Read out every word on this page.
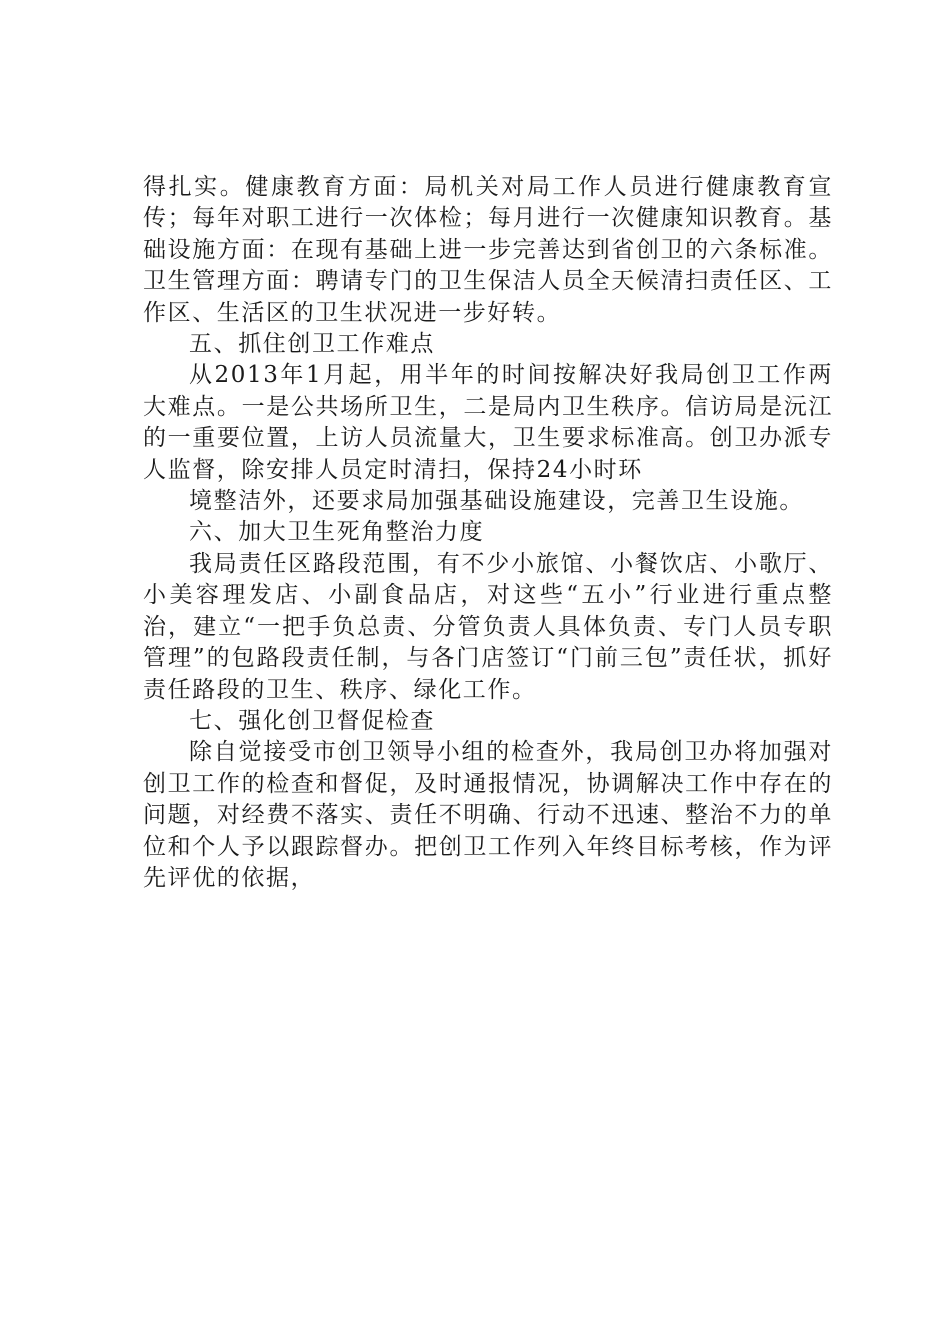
得扎实。健康教育方面：局机关对局工作人员进行健康教育宣传；每年对职工进行一次体检；每月进行一次健康知识教育。基础设施方面：在现有基础上进一步完善达到省创卫的六条标准。卫生管理方面：聘请专门的卫生保洁人员全天候清扫责任区、工作区、生活区的卫生状况进一步好转。

五、抓住创卫工作难点

从2013年1月起，用半年的时间按解决好我局创卫工作两大难点。一是公共场所卫生，二是局内卫生秩序。信访局是沅江的一重要位置，上访人员流量大，卫生要求标准高。创卫办派专人监督，除安排人员定时清扫，保持24小时环

境整洁外，还要求局加强基础设施建设，完善卫生设施。

六、加大卫生死角整治力度

我局责任区路段范围，有不少小旅馆、小餐饮店、小歌厅、小美容理发店、小副食品店，对这些“五小”行业进行重点整治，建立“一把手负总责、分管负责人具体负责、专门人员专职管理”的包路段责任制，与各门店签订“门前三包”责任状，抓好责任路段的卫生、秩序、绿化工作。

七、强化创卫督促检查

除自觉接受市创卫领导小组的检查外，我局创卫办将加强对创卫工作的检查和督促，及时通报情况，协调解决工作中存在的问题，对经费不落实、责任不明确、行动不迅速、整治不力的单位和个人予以跟踪督办。把创卫工作列入年终目标考核，作为评先评优的依据，
